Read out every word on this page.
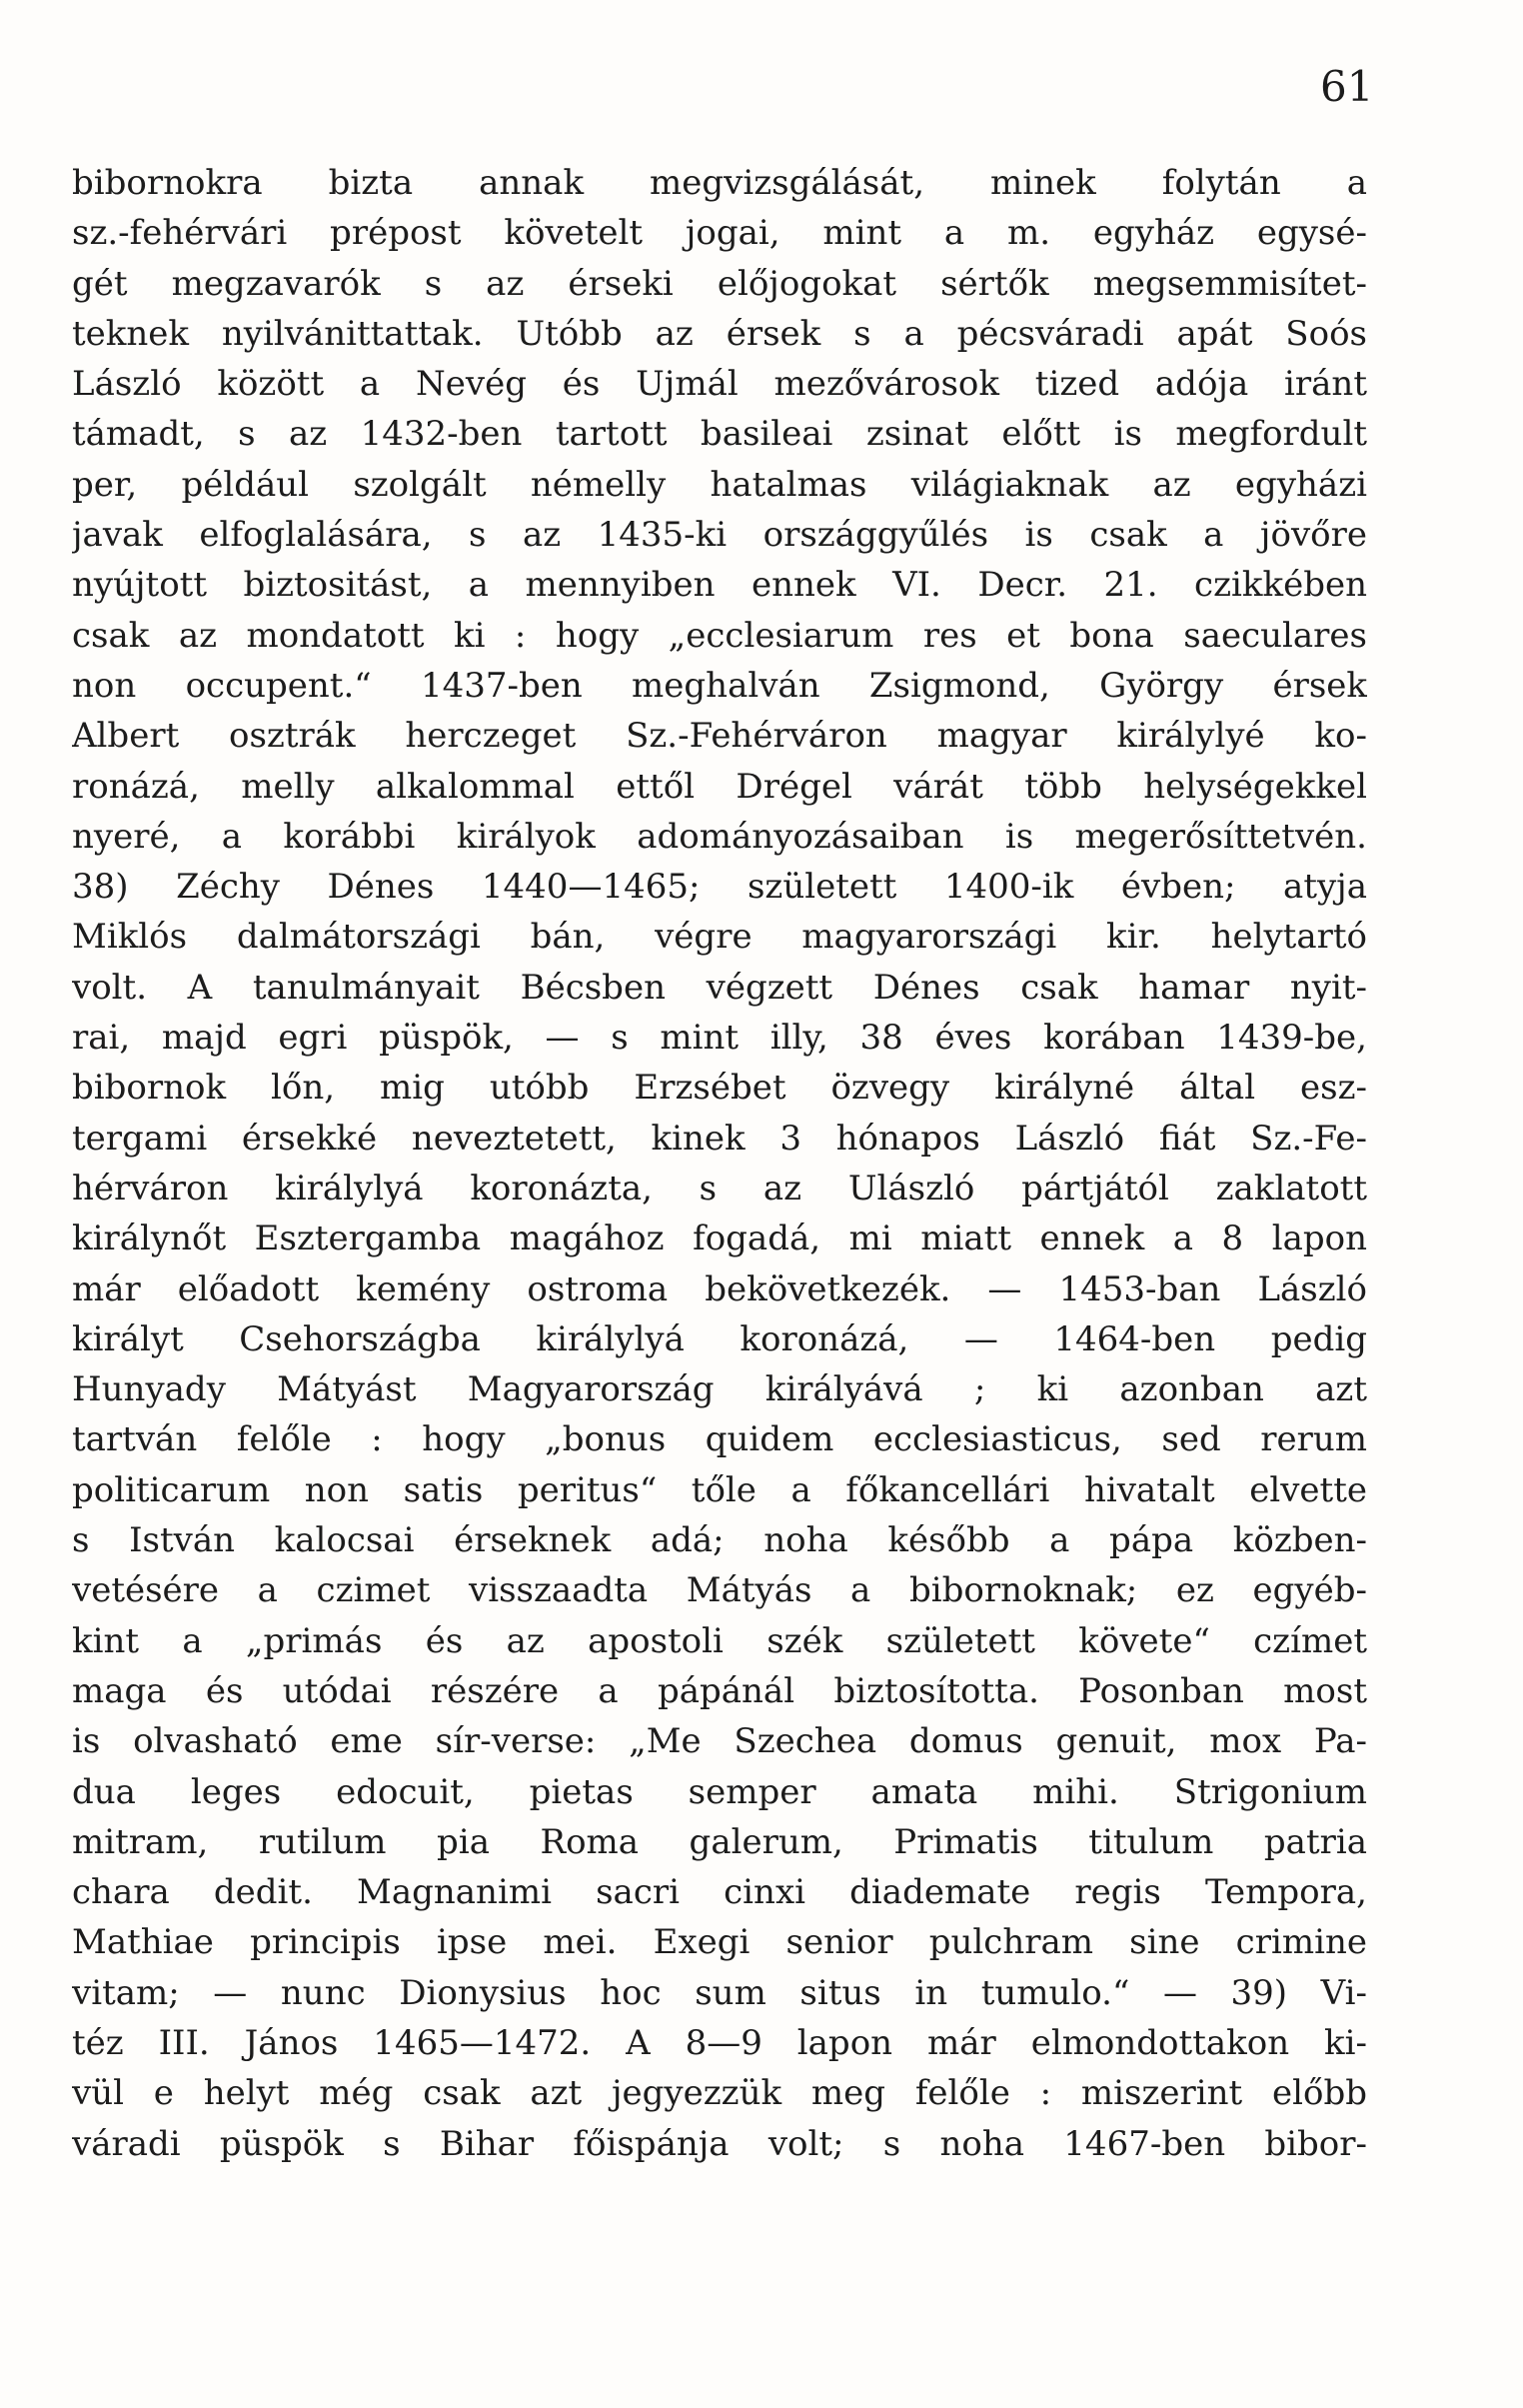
61
bibornokra bizta annak megvizsgálását, minek folytán a
sz.-fehérvári prépost követelt jogai, mint a m. egyház egysé-
gét megzavarók s az érseki előjogokat sértők megsemmisítet-
teknek nyilvánittattak. Utóbb az érsek s a pécsváradi apát Soós
László között a Nevég és Ujmál mezővárosok tized adója iránt
támadt, s az 1432-ben tartott basileai zsinat előtt is megfordult
per, például szolgált némelly hatalmas világiaknak az egyházi
javak elfoglalására, s az 1435-ki országgyűlés is csak a jövőre
nyújtott biztositást, a mennyiben ennek VI. Decr. 21. czikkében
csak az mondatott ki : hogy „ecclesiarum res et bona saeculares
non occupent.“ 1437-ben meghalván Zsigmond, György érsek
Albert osztrák herczeget Sz.-Fehérváron magyar királylyé ko-
ronázá, melly alkalommal ettől Drégel várát több helységekkel
nyeré, a korábbi királyok adományozásaiban is megerősíttetvén.
38) Zéchy Dénes 1440—1465; született 1400-ik évben; atyja
Miklós dalmátországi bán, végre magyarországi kir. helytartó
volt. A tanulmányait Bécsben végzett Dénes csak hamar nyit-
rai, majd egri püspök, — s mint illy, 38 éves korában 1439-be,
bibornok lőn, mig utóbb Erzsébet özvegy királyné által esz-
tergami érsekké neveztetett, kinek 3 hónapos László fiát Sz.-Fe-
hérváron királylyá koronázta, s az Ulászló pártjától zaklatott
királynőt Esztergamba magához fogadá, mi miatt ennek a 8 lapon
már előadott kemény ostroma bekövetkezék. — 1453-ban László
királyt Csehországba királylyá koronázá, — 1464-ben pedig
Hunyady Mátyást Magyarország királyává ; ki azonban azt
tartván felőle : hogy „bonus quidem ecclesiasticus, sed rerum
politicarum non satis peritus“ tőle a főkancellári hivatalt elvette
s István kalocsai érseknek adá; noha később a pápa közben-
vetésére a czimet visszaadta Mátyás a bibornoknak; ez egyéb-
kint a „primás és az apostoli szék született követe“ czímet
maga és utódai részére a pápánál biztosította. Posonban most
is olvasható eme sír-verse: „Me Szechea domus genuit, mox Pa-
dua leges edocuit, pietas semper amata mihi. Strigonium
mitram, rutilum pia Roma galerum, Primatis titulum patria
chara dedit. Magnanimi sacri cinxi diademate regis Tempora,
Mathiae principis ipse mei. Exegi senior pulchram sine crimine
vitam; — nunc Dionysius hoc sum situs in tumulo.“ — 39) Vi-
téz III. János 1465—1472. A 8—9 lapon már elmondottakon ki-
vül e helyt még csak azt jegyezzük meg felőle : miszerint előbb
váradi püspök s Bihar főispánja volt; s noha 1467-ben bibor-
